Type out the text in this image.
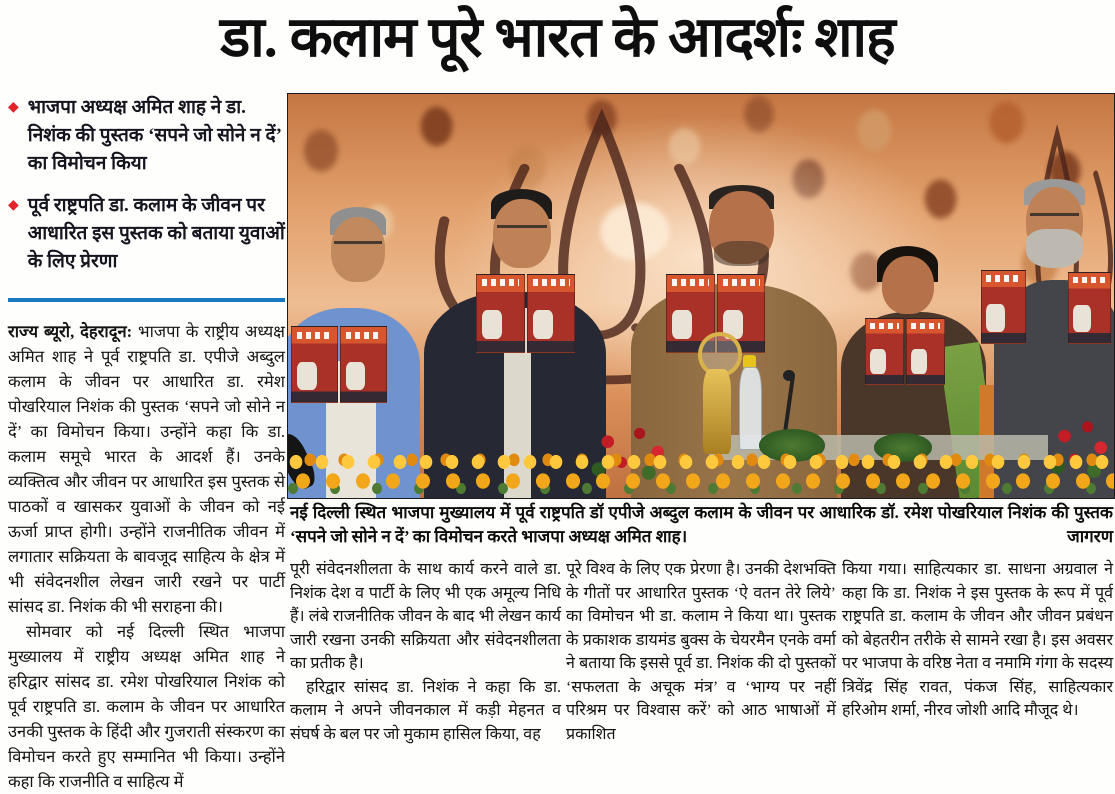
डा. कलाम पूरे भारत के आदर्शः शाह
◆ भाजपा अध्यक्ष अमित शाह ने डा. निशंक की पुस्तक ‘सपने जो सोने न दें’ का विमोचन किया
◆ पूर्व राष्ट्रपति डा. कलाम के जीवन पर आधारित इस पुस्तक को बताया युवाओं के लिए प्रेरणा

राज्य ब्यूरो, देहरादून: भाजपा के राष्ट्रीय अध्यक्ष अमित शाह ने पूर्व राष्ट्रपति डा. एपीजे अब्दुल कलाम के जीवन पर आधारित डा. रमेश पोखरियाल निशंक की पुस्तक ‘सपने जो सोने न दें’ का विमोचन किया। उन्होंने कहा कि डा. कलाम समूचे भारत के आदर्श हैं। उनके व्यक्तित्व और जीवन पर आधारित इस पुस्तक से पाठकों व खासकर युवाओं के जीवन को नई ऊर्जा प्राप्त होगी। उन्होंने राजनीतिक जीवन में लगातार सक्रियता के बावजूद साहित्य के क्षेत्र में भी संवेदनशील लेखन जारी रखने पर पार्टी सांसद डा. निशंक की भी सराहना की।

सोमवार को नई दिल्ली स्थित भाजपा मुख्यालय में राष्ट्रीय अध्यक्ष अमित शाह ने हरिद्वार सांसद डा. रमेश पोखरियाल निशंक को पूर्व राष्ट्रपति डा. कलाम के जीवन पर आधारित उनकी पुस्तक के हिंदी और गुजराती संस्करण का विमोचन करते हुए सम्मानित भी किया। उन्होंने कहा कि राजनीति व साहित्य में

नई दिल्ली स्थित भाजपा मुख्यालय में पूर्व राष्ट्रपति डॉ एपीजे अब्दुल कलाम के जीवन पर आधारिक डॉ. रमेश पोखरियाल निशंक की पुस्तक ‘सपने जो सोने न दें’ का विमोचन करते भाजपा अध्यक्ष अमित शाह।	जागरण

पूरी संवेदनशीलता के साथ कार्य करने वाले डा. निशंक देश व पार्टी के लिए भी एक अमूल्य निधि हैं। लंबे राजनीतिक जीवन के बाद भी लेखन कार्य जारी रखना उनकी सक्रियता और संवेदनशीलता का प्रतीक है।

हरिद्वार सांसद डा. निशंक ने कहा कि डा. कलाम ने अपने जीवनकाल में कड़ी मेहनत व संघर्ष के बल पर जो मुकाम हासिल किया, वह

पूरे विश्व के लिए एक प्रेरणा है। उनकी देशभक्ति के गीतों पर आधारित पुस्तक ‘ऐ वतन तेरे लिये’ का विमोचन भी डा. कलाम ने किया था। पुस्तक के प्रकाशक डायमंड बुक्स के चेयरमैन एनके वर्मा ने बताया कि इससे पूर्व डा. निशंक की दो पुस्तकों ‘सफलता के अचूक मंत्र’ व ‘भाग्य पर नहीं परिश्रम पर विश्वास करें’ को आठ भाषाओं में प्रकाशित

किया गया। साहित्यकार डा. साधना अग्रवाल ने कहा कि डा. निशंक ने इस पुस्तक के रूप में पूर्व राष्ट्रपति डा. कलाम के जीवन और जीवन प्रबंधन को बेहतरीन तरीके से सामने रखा है। इस अवसर पर भाजपा के वरिष्ठ नेता व नमामि गंगा के सदस्य त्रिवेंद्र सिंह रावत, पंकज सिंह, साहित्यकार हरिओम शर्मा, नीरव जोशी आदि मौजूद थे।
